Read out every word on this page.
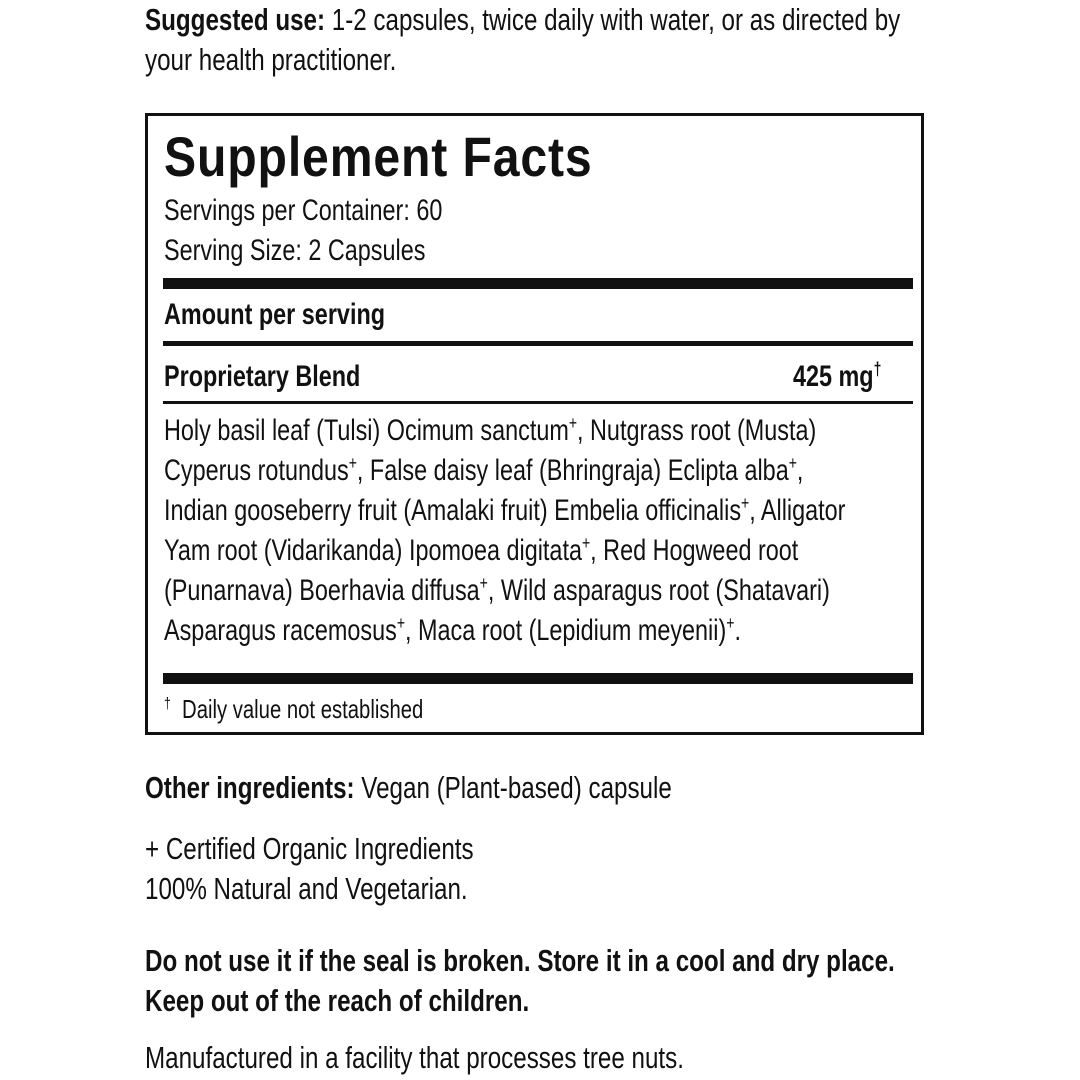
Suggested use: 1-2 capsules, twice daily with water, or as directed by
your health practitioner.
Supplement Facts
Servings per Container: 60
Serving Size: 2 Capsules
Amount per serving
Proprietary Blend	425 mg†
Holy basil leaf (Tulsi) Ocimum sanctum+, Nutgrass root (Musta)
Cyperus rotundus+, False daisy leaf (Bhringraja) Eclipta alba+,
Indian gooseberry fruit (Amalaki fruit) Embelia officinalis+, Alligator
Yam root (Vidarikanda) Ipomoea digitata+, Red Hogweed root
(Punarnava) Boerhavia diffusa+, Wild asparagus root (Shatavari)
Asparagus racemosus+, Maca root (Lepidium meyenii)+.
† Daily value not established
Other ingredients: Vegan (Plant-based) capsule
+ Certified Organic Ingredients
100% Natural and Vegetarian.
Do not use it if the seal is broken. Store it in a cool and dry place.
Keep out of the reach of children.
Manufactured in a facility that processes tree nuts.
